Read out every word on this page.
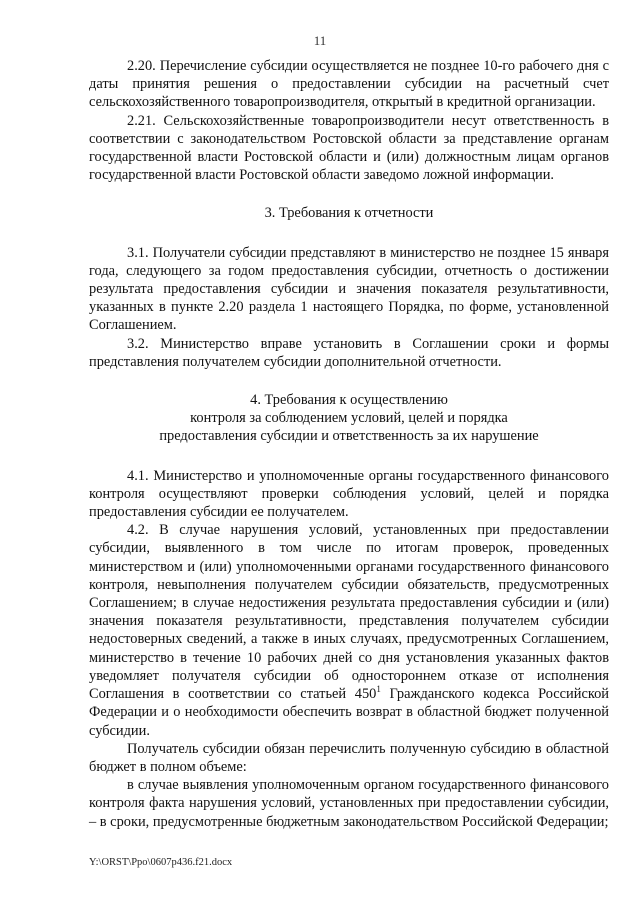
11

2.20. Перечисление субсидии осуществляется не позднее 10-го рабочего дня с даты принятия решения о предоставлении субсидии на расчетный счет сельскохозяйственного товаропроизводителя, открытый в кредитной организации.

2.21. Сельскохозяйственные товаропроизводители несут ответственность в соответствии с законодательством Ростовской области за представление органам государственной власти Ростовской области и (или) должностным лицам органов государственной власти Ростовской области заведомо ложной информации.

3. Требования к отчетности

3.1. Получатели субсидии представляют в министерство не позднее 15 января года, следующего за годом предоставления субсидии, отчетность о достижении результата предоставления субсидии и значения показателя результативности, указанных в пункте 2.20 раздела 1 настоящего Порядка, по форме, установленной Соглашением.

3.2. Министерство вправе установить в Соглашении сроки и формы представления получателем субсидии дополнительной отчетности.

4. Требования к осуществлению

контроля за соблюдением условий, целей и порядка

предоставления субсидии и ответственность за их нарушение

4.1. Министерство и уполномоченные органы государственного финансового контроля осуществляют проверки соблюдения условий, целей и порядка предоставления субсидии ее получателем.

4.2. В случае нарушения условий, установленных при предоставлении субсидии, выявленного в том числе по итогам проверок, проведенных министерством и (или) уполномоченными органами государственного финансового контроля, невыполнения получателем субсидии обязательств, предусмотренных Соглашением; в случае недостижения результата предоставления субсидии и (или) значения показателя результативности, представления получателем субсидии недостоверных сведений, а также в иных случаях, предусмотренных Соглашением, министерство в течение 10 рабочих дней со дня установления указанных фактов уведомляет получателя субсидии об одностороннем отказе от исполнения Соглашения в соответствии со статьей $450^1$ Гражданского кодекса Российской Федерации и о необходимости обеспечить возврат в областной бюджет полученной субсидии.

Получатель субсидии обязан перечислить полученную субсидию в областной бюджет в полном объеме:

в случае выявления уполномоченным органом государственного финансового контроля факта нарушения условий, установленных при предоставлении субсидии, – в сроки, предусмотренные бюджетным законодательством Российской Федерации;

Y:\ORST\Ppo\0607p436.f21.docx
